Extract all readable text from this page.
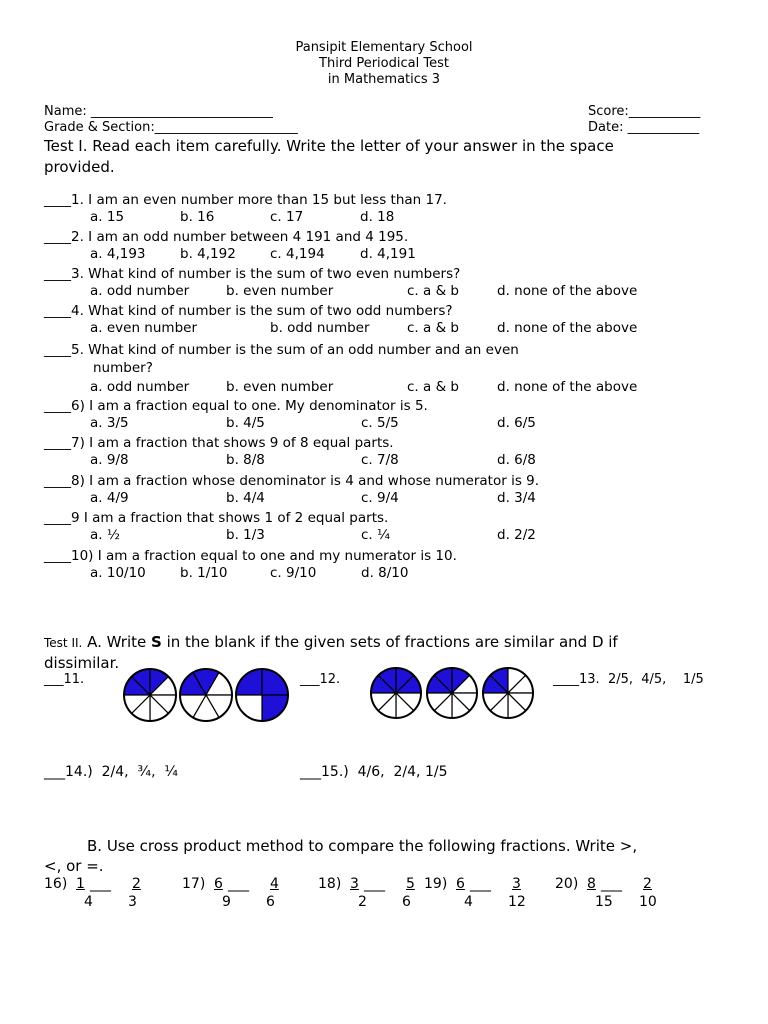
Pansipit Elementary School
Third Periodical Test
in Mathematics 3
Name: ____________________________	Score:___________
Grade & Section:______________________	Date: ___________
Test I. Read each item carefully. Write the letter of your answer in the space
provided.
____1. I am an even number more than 15 but less than 17.
a. 15	b. 16	c. 17	d. 18
____2. I am an odd number between 4 191 and 4 195.
a. 4,193	b. 4,192	c. 4,194	d. 4,191
____3. What kind of number is the sum of two even numbers?
a. odd number	b. even number	c. a & b	d. none of the above
____4. What kind of number is the sum of two odd numbers?
a. even number	b. odd number	c. a & b	d. none of the above
____5. What kind of number is the sum of an odd number and an even
number?
a. odd number	b. even number	c. a & b	d. none of the above
____6) I am a fraction equal to one. My denominator is 5.
a. 3/5	b. 4/5	c. 5/5	d. 6/5
____7) I am a fraction that shows 9 of 8 equal parts.
a. 9/8	b. 8/8	c. 7/8	d. 6/8
____8) I am a fraction whose denominator is 4 and whose numerator is 9.
a. 4/9	b. 4/4	c. 9/4	d. 3/4
____9 I am a fraction that shows 1 of 2 equal parts.
a. ½	b. 1/3	c. ¼	d. 2/2
____10) I am a fraction equal to one and my numerator is 10.
a. 10/10	b. 1/10	c. 9/10	d. 8/10
Test II. A. Write S in the blank if the given sets of fractions are similar and D if
dissimilar.
___11.	___12.	____13.  2/5,  4/5,    1/5
___14.)  2/4,  ¾,  ¼	___15.)  4/6,  2/4, 1/5
B. Use cross product method to compare the following fractions. Write >,
<, or =.
16) 1 ___ 2
4	3
17) 6 ___ 4
9	6
18) 3 ___ 5
2	6
19) 6 ___ 3
4	12
20) 8 ___ 2
15 10
